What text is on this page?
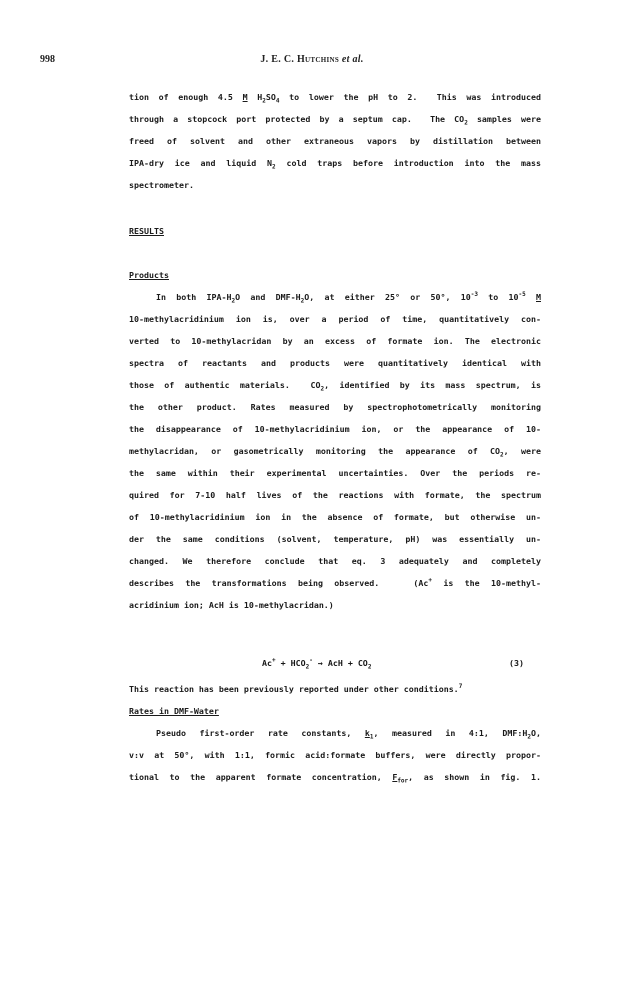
998	J. E. C. Hutchins et al.
tion of enough 4.5 M $H_2SO_4$ to lower the pH to 2.  This was introduced
through a stopcock port protected by a septum cap.  The $CO_2$ samples were
freed of solvent and other extraneous vapors by distillation between
IPA-dry ice and liquid $N_2$ cold traps before introduction into the mass
spectrometer.
RESULTS
Products
In both IPA-$H_2O$ and DMF-$H_2O$, at either 25° or 50°, $10^{-3}$ to $10^{-5}$ M
10-methylacridinium ion is, over a period of time, quantitatively con-
verted to 10-methylacridan by an excess of formate ion. The electronic
spectra of reactants and products were quantitatively identical with
those of authentic materials.  $CO_2$, identified by its mass spectrum, is
the other product. Rates measured by spectrophotometrically monitoring
the disappearance of 10-methylacridinium ion, or the appearance of 10-
methylacridan, or gasometrically monitoring the appearance of $CO_2$, were
the same within their experimental uncertainties. Over the periods re-
quired for 7-10 half lives of the reactions with formate, the spectrum
of 10-methylacridinium ion in the absence of formate, but otherwise un-
der the same conditions (solvent, temperature, pH) was essentially un-
changed. We therefore conclude that eq. 3 adequately and completely
describes the transformations being observed.   (Ac+ is the 10-methyl-
acridinium ion; AcH is 10-methylacridan.)
$Ac^+ + HCO_2^-$ → AcH + $CO_2$	(3)
This reaction has been previously reported under other conditions.$^7$
Rates in DMF-Water
Pseudo first-order rate constants, $k_1$, measured in 4:1, $DMF:H_2O$,
v:v at 50°, with 1:1, formic acid:formate buffers, were directly propor-
tional to the apparent formate concentration, $F_{for}$, as shown in fig. 1.
